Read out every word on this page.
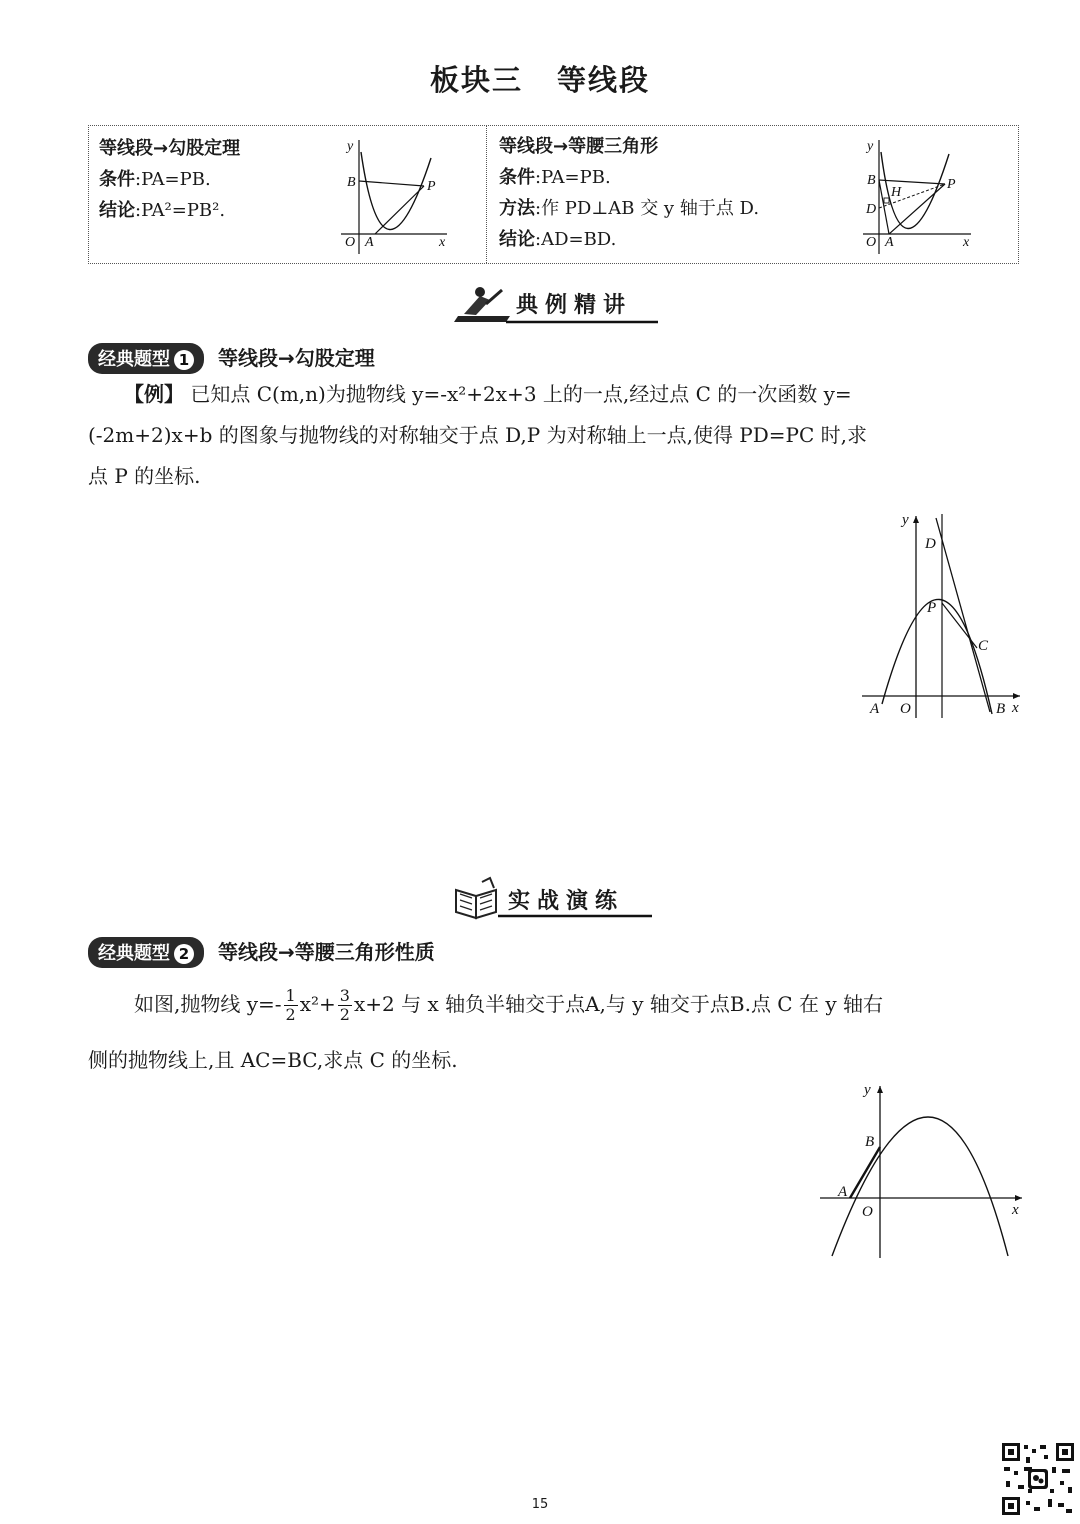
板块三 等线段
等线段→勾股定理
条件:PA=PB.
结论:PA²=PB².
y
B	P
O A	x
等线段→等腰三角形
条件:PA=PB.
方法:作 PD⊥AB 交 y 轴于点 D.
结论:AD=BD.
y
B
H
D
P
O A	x
典例精讲
经典题型 1 等线段→勾股定理
【例】 已知点 C(m,n)为抛物线 y=-x²+2x+3 上的一点,经过点 C 的一次函数 y=
(-2m+2)x+b 的图象与抛物线的对称轴交于点 D,P 为对称轴上一点,使得 PD=PC 时,求
点 P 的坐标.
y
D
P
C
A O	B x
实战演练
经典题型 2 等线段→等腰三角形性质
如图,抛物线 $y=- \frac{1}{2} x^2+ \frac{3}{2} x+2$ 与 x 轴负半轴交于点A,与 y 轴交于点B.点 C 在 y 轴右
侧的抛物线上,且 AC=BC,求点 C 的坐标.
y
B
A
O	x
15
